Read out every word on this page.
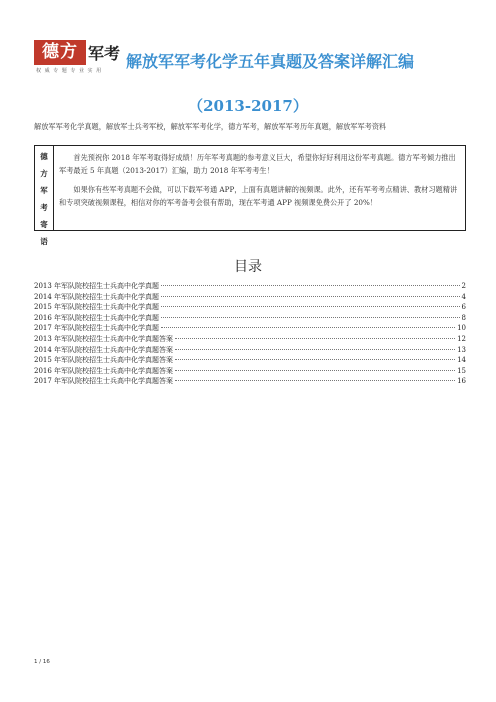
德方 军考
权 威 专 题 专 业 实 用 解放军军考化学五年真题及答案详解汇编
（2013-2017）
解放军军考化学真题，解放军士兵考军校，解放军军考化学，德方军考，解放军军考历年真题，解放军军考资料
德
方
军
考
寄
语

首先预祝你 2018 年军考取得好成绩！历年军考真题的参考意义巨大，希望你好好利用这份军考真题。德方军考倾力推出军考最近 5 年真题（2013-2017）汇编，助力 2018 年军考考生！

如果你有些军考真题不会做，可以下载军考通 APP，上面有真题讲解的视频课。此外，还有军考考点精讲、教材习题精讲和专项突破视频课程，相信对你的军考备考会很有帮助，现在军考通 APP 视频课免费公开了 20%！

目录
2013 年军队院校招生士兵高中化学真题	2
2014 年军队院校招生士兵高中化学真题	4
2015 年军队院校招生士兵高中化学真题	6
2016 年军队院校招生士兵高中化学真题	8
2017 年军队院校招生士兵高中化学真题	10
2013 年军队院校招生士兵高中化学真题答案	12
2014 年军队院校招生士兵高中化学真题答案	13
2015 年军队院校招生士兵高中化学真题答案	14
2016 年军队院校招生士兵高中化学真题答案	15
2017 年军队院校招生士兵高中化学真题答案	16
1 / 16
